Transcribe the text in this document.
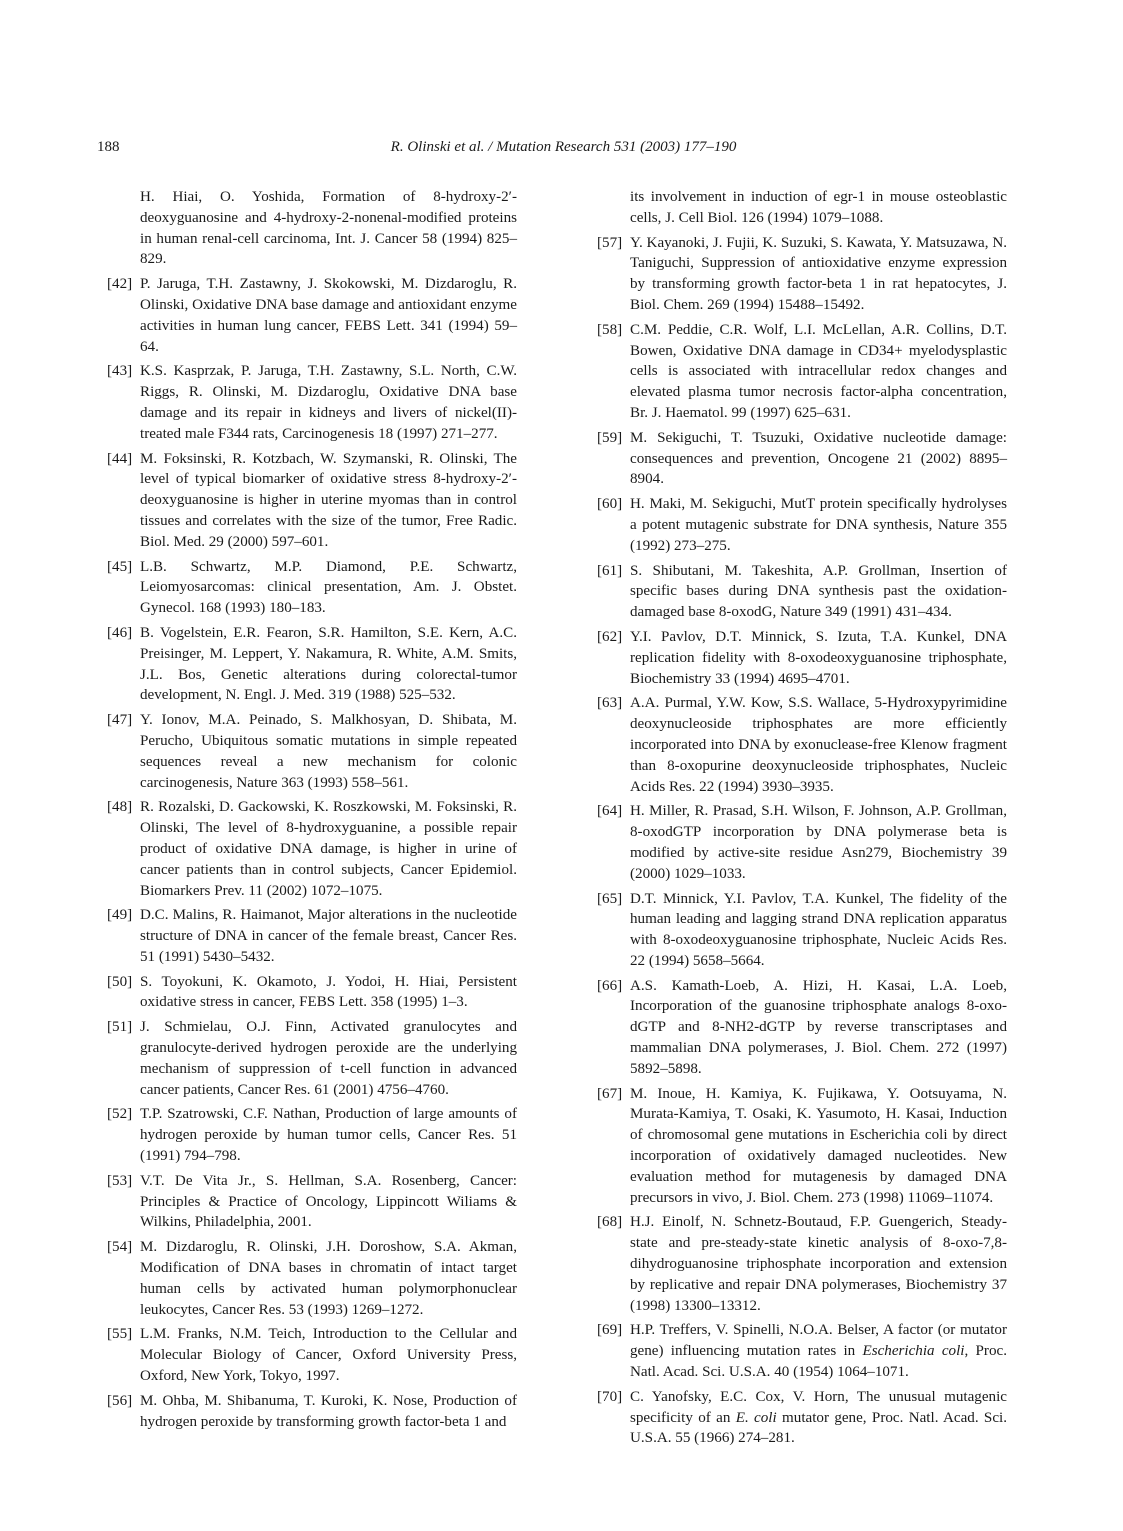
188	R. Olinski et al. / Mutation Research 531 (2003) 177–190

H. Hiai, O. Yoshida, Formation of 8-hydroxy-2′-deoxyguanosine and 4-hydroxy-2-nonenal-modified proteins in human renal-cell carcinoma, Int. J. Cancer 58 (1994) 825–829.

[42] P. Jaruga, T.H. Zastawny, J. Skokowski, M. Dizdaroglu, R. Olinski, Oxidative DNA base damage and antioxidant enzyme activities in human lung cancer, FEBS Lett. 341 (1994) 59–64.

[43] K.S. Kasprzak, P. Jaruga, T.H. Zastawny, S.L. North, C.W. Riggs, R. Olinski, M. Dizdaroglu, Oxidative DNA base damage and its repair in kidneys and livers of nickel(II)-treated male F344 rats, Carcinogenesis 18 (1997) 271–277.

[44] M. Foksinski, R. Kotzbach, W. Szymanski, R. Olinski, The level of typical biomarker of oxidative stress 8-hydroxy-2′-deoxyguanosine is higher in uterine myomas than in control tissues and correlates with the size of the tumor, Free Radic. Biol. Med. 29 (2000) 597–601.

[45] L.B. Schwartz, M.P. Diamond, P.E. Schwartz, Leiomyosarcomas: clinical presentation, Am. J. Obstet. Gynecol. 168 (1993) 180–183.

[46] B. Vogelstein, E.R. Fearon, S.R. Hamilton, S.E. Kern, A.C. Preisinger, M. Leppert, Y. Nakamura, R. White, A.M. Smits, J.L. Bos, Genetic alterations during colorectal-tumor development, N. Engl. J. Med. 319 (1988) 525–532.

[47] Y. Ionov, M.A. Peinado, S. Malkhosyan, D. Shibata, M. Perucho, Ubiquitous somatic mutations in simple repeated sequences reveal a new mechanism for colonic carcinogenesis, Nature 363 (1993) 558–561.

[48] R. Rozalski, D. Gackowski, K. Roszkowski, M. Foksinski, R. Olinski, The level of 8-hydroxyguanine, a possible repair product of oxidative DNA damage, is higher in urine of cancer patients than in control subjects, Cancer Epidemiol. Biomarkers Prev. 11 (2002) 1072–1075.

[49] D.C. Malins, R. Haimanot, Major alterations in the nucleotide structure of DNA in cancer of the female breast, Cancer Res. 51 (1991) 5430–5432.

[50] S. Toyokuni, K. Okamoto, J. Yodoi, H. Hiai, Persistent oxidative stress in cancer, FEBS Lett. 358 (1995) 1–3.

[51] J. Schmielau, O.J. Finn, Activated granulocytes and granulocyte-derived hydrogen peroxide are the underlying mechanism of suppression of t-cell function in advanced cancer patients, Cancer Res. 61 (2001) 4756–4760.

[52] T.P. Szatrowski, C.F. Nathan, Production of large amounts of hydrogen peroxide by human tumor cells, Cancer Res. 51 (1991) 794–798.

[53] V.T. De Vita Jr., S. Hellman, S.A. Rosenberg, Cancer: Principles & Practice of Oncology, Lippincott Wiliams & Wilkins, Philadelphia, 2001.

[54] M. Dizdaroglu, R. Olinski, J.H. Doroshow, S.A. Akman, Modification of DNA bases in chromatin of intact target human cells by activated human polymorphonuclear leukocytes, Cancer Res. 53 (1993) 1269–1272.

[55] L.M. Franks, N.M. Teich, Introduction to the Cellular and Molecular Biology of Cancer, Oxford University Press, Oxford, New York, Tokyo, 1997.

[56] M. Ohba, M. Shibanuma, T. Kuroki, K. Nose, Production of hydrogen peroxide by transforming growth factor-beta 1 and

its involvement in induction of egr-1 in mouse osteoblastic cells, J. Cell Biol. 126 (1994) 1079–1088.

[57] Y. Kayanoki, J. Fujii, K. Suzuki, S. Kawata, Y. Matsuzawa, N. Taniguchi, Suppression of antioxidative enzyme expression by transforming growth factor-beta 1 in rat hepatocytes, J. Biol. Chem. 269 (1994) 15488–15492.

[58] C.M. Peddie, C.R. Wolf, L.I. McLellan, A.R. Collins, D.T. Bowen, Oxidative DNA damage in CD34+ myelodysplastic cells is associated with intracellular redox changes and elevated plasma tumor necrosis factor-alpha concentration, Br. J. Haematol. 99 (1997) 625–631.

[59] M. Sekiguchi, T. Tsuzuki, Oxidative nucleotide damage: consequences and prevention, Oncogene 21 (2002) 8895–8904.

[60] H. Maki, M. Sekiguchi, MutT protein specifically hydrolyses a potent mutagenic substrate for DNA synthesis, Nature 355 (1992) 273–275.

[61] S. Shibutani, M. Takeshita, A.P. Grollman, Insertion of specific bases during DNA synthesis past the oxidation-damaged base 8-oxodG, Nature 349 (1991) 431–434.

[62] Y.I. Pavlov, D.T. Minnick, S. Izuta, T.A. Kunkel, DNA replication fidelity with 8-oxodeoxyguanosine triphosphate, Biochemistry 33 (1994) 4695–4701.

[63] A.A. Purmal, Y.W. Kow, S.S. Wallace, 5-Hydroxypyrimidine deoxynucleoside triphosphates are more efficiently incorporated into DNA by exonuclease-free Klenow fragment than 8-oxopurine deoxynucleoside triphosphates, Nucleic Acids Res. 22 (1994) 3930–3935.

[64] H. Miller, R. Prasad, S.H. Wilson, F. Johnson, A.P. Grollman, 8-oxodGTP incorporation by DNA polymerase beta is modified by active-site residue Asn279, Biochemistry 39 (2000) 1029–1033.

[65] D.T. Minnick, Y.I. Pavlov, T.A. Kunkel, The fidelity of the human leading and lagging strand DNA replication apparatus with 8-oxodeoxyguanosine triphosphate, Nucleic Acids Res. 22 (1994) 5658–5664.

[66] A.S. Kamath-Loeb, A. Hizi, H. Kasai, L.A. Loeb, Incorporation of the guanosine triphosphate analogs 8-oxo-dGTP and 8-NH2-dGTP by reverse transcriptases and mammalian DNA polymerases, J. Biol. Chem. 272 (1997) 5892–5898.

[67] M. Inoue, H. Kamiya, K. Fujikawa, Y. Ootsuyama, N. Murata-Kamiya, T. Osaki, K. Yasumoto, H. Kasai, Induction of chromosomal gene mutations in Escherichia coli by direct incorporation of oxidatively damaged nucleotides. New evaluation method for mutagenesis by damaged DNA precursors in vivo, J. Biol. Chem. 273 (1998) 11069–11074.

[68] H.J. Einolf, N. Schnetz-Boutaud, F.P. Guengerich, Steady-state and pre-steady-state kinetic analysis of 8-oxo-7,8-dihydroguanosine triphosphate incorporation and extension by replicative and repair DNA polymerases, Biochemistry 37 (1998) 13300–13312.

[69] H.P. Treffers, V. Spinelli, N.O.A. Belser, A factor (or mutator gene) influencing mutation rates in Escherichia coli, Proc. Natl. Acad. Sci. U.S.A. 40 (1954) 1064–1071.

[70] C. Yanofsky, E.C. Cox, V. Horn, The unusual mutagenic specificity of an E. coli mutator gene, Proc. Natl. Acad. Sci. U.S.A. 55 (1966) 274–281.
